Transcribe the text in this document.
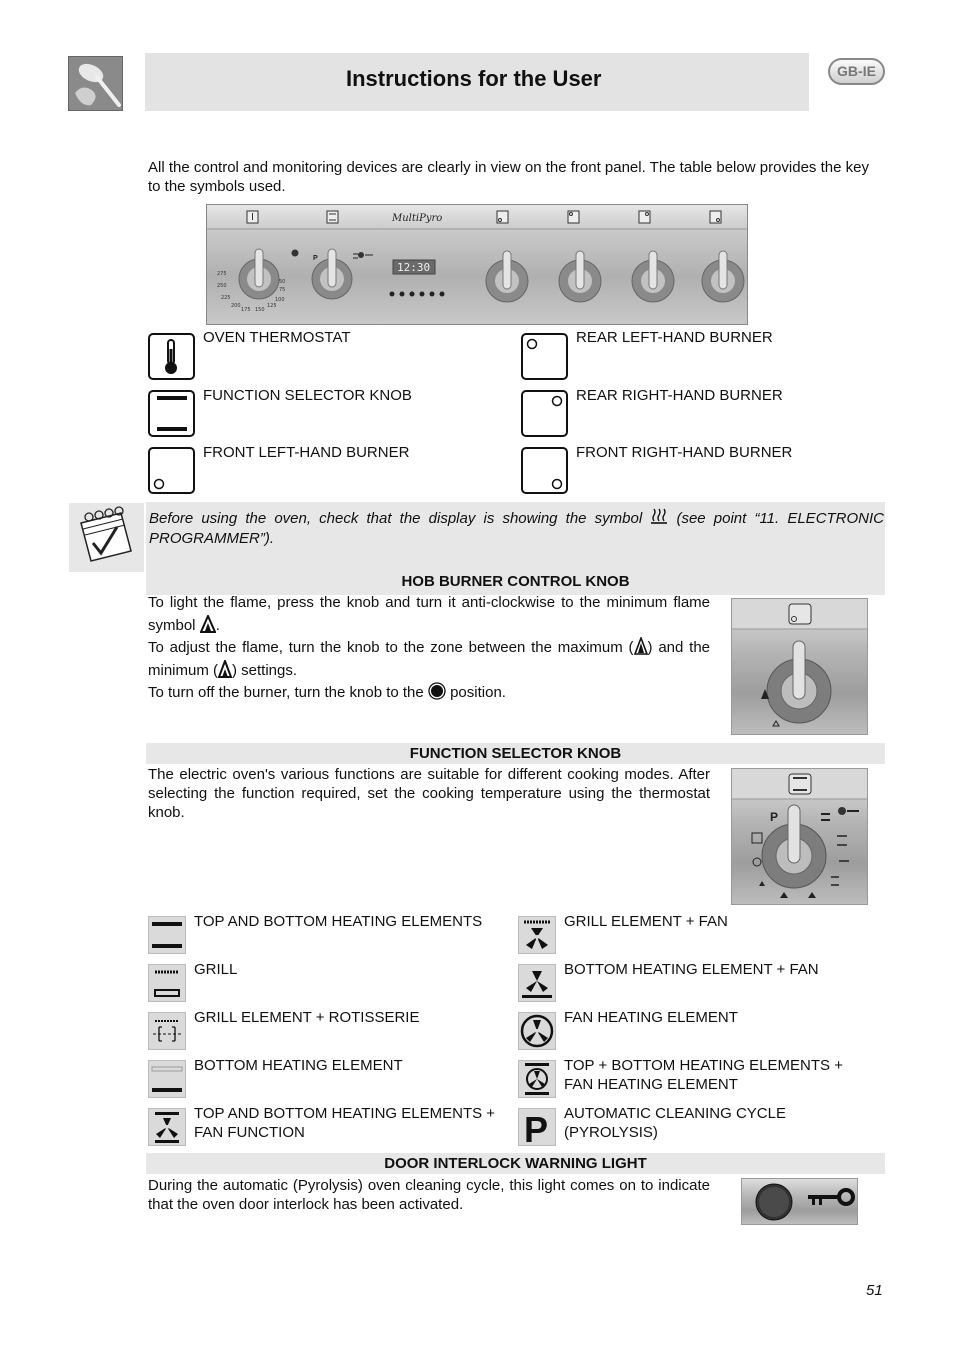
Instructions for the User	GB-IE
All the control and monitoring devices are clearly in view on the front panel. The table below provides the key to the symbols used.
MultiPyro
275
250
225
200
175 150
125
100
75
50
P
12:30
OVEN THERMOSTAT	REAR LEFT-HAND BURNER
FUNCTION SELECTOR KNOB	REAR RIGHT-HAND BURNER
FRONT LEFT-HAND BURNER	FRONT RIGHT-HAND BURNER
Before using the oven, check that the display is showing the symbol (see point “11. ELECTRONIC PROGRAMMER”).
HOB BURNER CONTROL KNOB
To light the flame, press the knob and turn it anti-clockwise to the minimum flame symbol .
To adjust the flame, turn the knob to the zone between the maximum ( ) and the minimum ( ) settings.
To turn off the burner, turn the knob to the position.
FUNCTION SELECTOR KNOB
The electric oven's various functions are suitable for different cooking modes. After selecting the function required, set the cooking temperature using the thermostat knob.	P
TOP AND BOTTOM HEATING ELEMENTS	GRILL ELEMENT + FAN
GRILL	BOTTOM HEATING ELEMENT + FAN
GRILL ELEMENT + ROTISSERIE	FAN HEATING ELEMENT
BOTTOM HEATING ELEMENT	TOP + BOTTOM HEATING ELEMENTS + FAN HEATING ELEMENT
TOP AND BOTTOM HEATING ELEMENTS + FAN FUNCTION	P AUTOMATIC CLEANING CYCLE (PYROLYSIS)
DOOR INTERLOCK WARNING LIGHT
During the automatic (Pyrolysis) oven cleaning cycle, this light comes on to indicate that the oven door interlock has been activated.
51
